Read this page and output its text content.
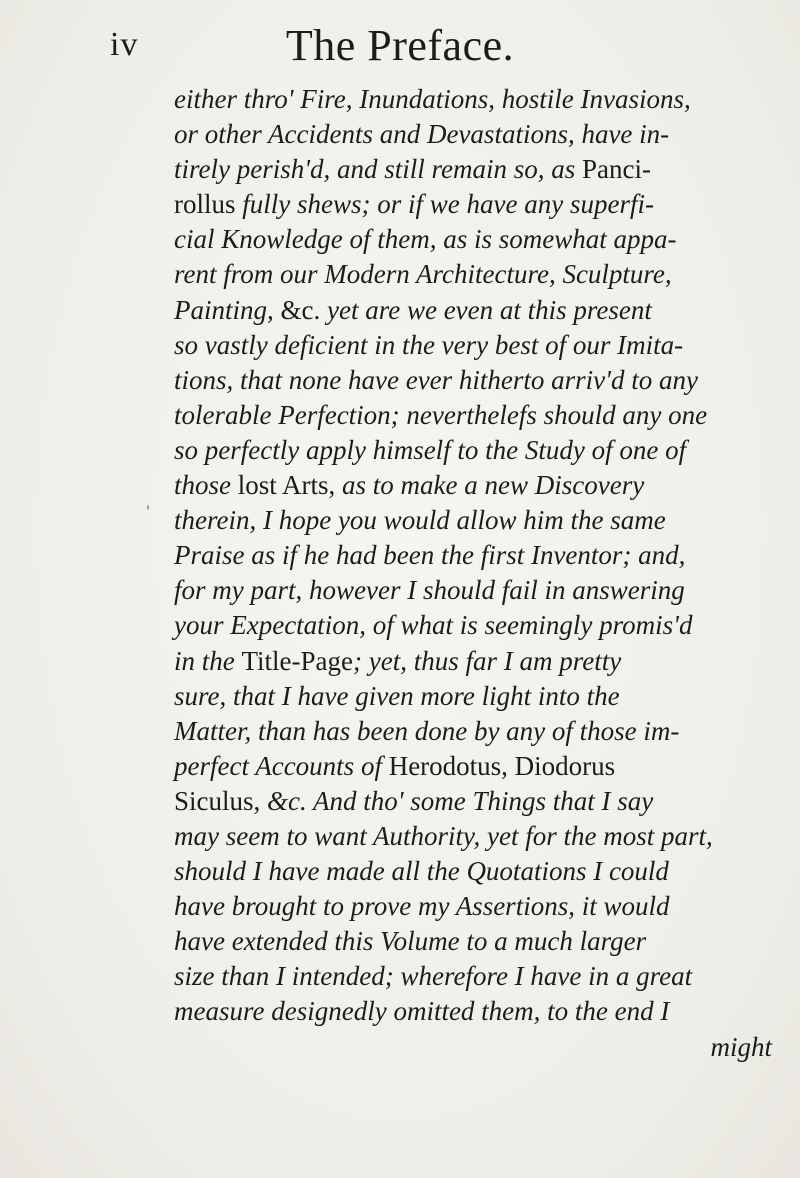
iv	The Preface.
'
either thro' Fire, Inundations, hostile Invasions,
or other Accidents and Devastations, have in-
tirely perish'd, and still remain so, as Panci-
rollus fully shews; or if we have any superfi-
cial Knowledge of them, as is somewhat appa-
rent from our Modern Architecture, Sculpture,
Painting, &c. yet are we even at this present
so vastly deficient in the very best of our Imita-
tions, that none have ever hitherto arriv'd to any
tolerable Perfection; neverthelefs should any one
so perfectly apply himself to the Study of one of
those lost Arts, as to make a new Discovery
therein, I hope you would allow him the same
Praise as if he had been the first Inventor; and,
for my part, however I should fail in answering
your Expectation, of what is seemingly promis'd
in the Title-Page; yet, thus far I am pretty
sure, that I have given more light into the
Matter, than has been done by any of those im-
perfect Accounts of Herodotus, Diodorus
Siculus, &c. And tho' some Things that I say
may seem to want Authority, yet for the most part,
should I have made all the Quotations I could
have brought to prove my Assertions, it would
have extended this Volume to a much larger
size than I intended; wherefore I have in a great
measure designedly omitted them, to the end I
might
